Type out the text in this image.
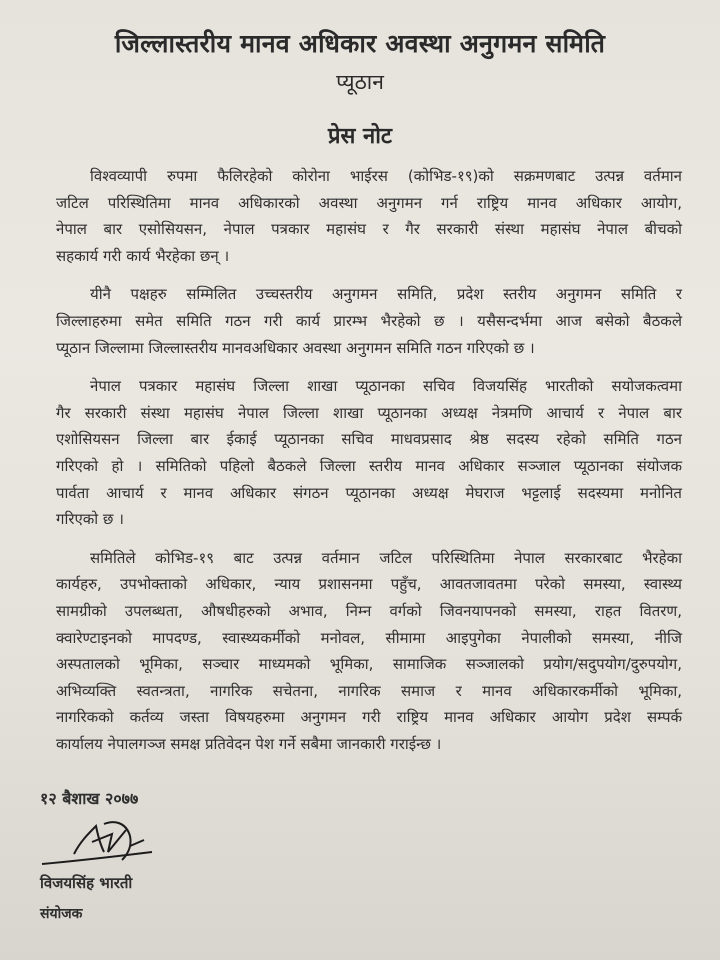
जिल्लास्तरीय मानव अधिकार अवस्था अनुगमन समिति
प्यूठान
प्रेस नोट
विश्वव्यापी रुपमा फैलिरहेको कोरोना भाईरस (कोभिड-१९)को सक्रमणबाट उत्पन्न वर्तमान
जटिल परिस्थितिमा मानव अधिकारको अवस्था अनुगमन गर्न राष्ट्रिय मानव अधिकार आयोग,
नेपाल बार एसोसियसन, नेपाल पत्रकार महासंघ र गैर सरकारी संस्था महासंघ नेपाल बीचको
सहकार्य गरी कार्य भैरहेका छन् ।
यीनै पक्षहरु सम्मिलित उच्चस्तरीय अनुगमन समिति, प्रदेश स्तरीय अनुगमन समिति र
जिल्लाहरुमा समेत समिति गठन गरी कार्य प्रारम्भ भैरहेको छ । यसैसन्दर्भमा आज बसेको बैठकले
प्यूठान जिल्लामा जिल्लास्तरीय मानवअधिकार अवस्था अनुगमन समिति गठन गरिएको छ ।
नेपाल पत्रकार महासंघ जिल्ला शाखा प्यूठानका सचिव विजयसिंह भारतीको सयोजकत्वमा
गैर सरकारी संस्था महासंघ नेपाल जिल्ला शाखा प्यूठानका अध्यक्ष नेत्रमणि आचार्य र नेपाल बार
एशोसियसन जिल्ला बार ईकाई प्यूठानका सचिव माधवप्रसाद श्रेष्ठ सदस्य रहेको समिति गठन
गरिएको हो । समितिको पहिलो बैठकले जिल्ला स्तरीय मानव अधिकार सञ्जाल प्यूठानका संयोजक
पार्वता आचार्य र मानव अधिकार संगठन प्यूठानका अध्यक्ष मेघराज भट्टलाई सदस्यमा मनोनित
गरिएको छ ।
समितिले कोभिड-१९ बाट उत्पन्न वर्तमान जटिल परिस्थितिमा नेपाल सरकारबाट भैरहेका
कार्यहरु, उपभोक्ताको अधिकार, न्याय प्रशासनमा पहुँच, आवतजावतमा परेको समस्या, स्वास्थ्य
सामग्रीको उपलब्धता, औषधीहरुको अभाव, निम्न वर्गको जिवनयापनको समस्या, राहत वितरण,
क्वारेण्टाइनको मापदण्ड, स्वास्थ्यकर्मीको मनोवल, सीमामा आइपुगेका नेपालीको समस्या, नीजि
अस्पतालको भूमिका, सञ्चार माध्यमको भूमिका, सामाजिक सञ्जालको प्रयोग/सदुपयोग/दुरुपयोग,
अभिव्यक्ति स्वतन्त्रता, नागरिक सचेतना, नागरिक समाज र मानव अधिकारकर्मीको भूमिका,
नागरिकको कर्तव्य जस्ता विषयहरुमा अनुगमन गरी राष्ट्रिय मानव अधिकार आयोग प्रदेश सम्पर्क
कार्यालय नेपालगञ्ज समक्ष प्रतिवेदन पेश गर्ने सबैमा जानकारी गराईन्छ ।
१२ बैशाख २०७७
विजयसिंह भारती
संयोजक
